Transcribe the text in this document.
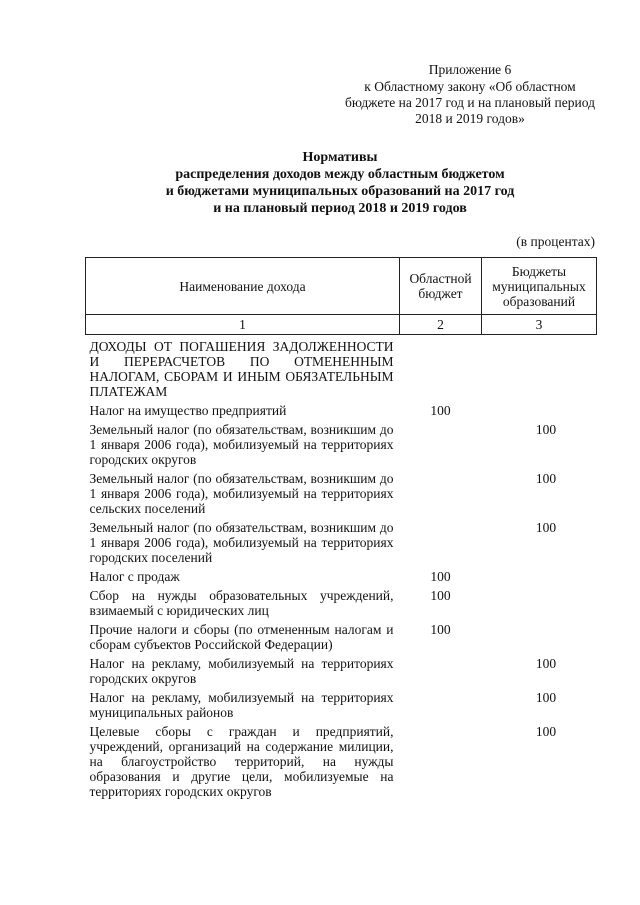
Приложение 6
к Областному закону «Об областном бюджете на 2017 год и на плановый период 2018 и 2019 годов»
Нормативы
распределения доходов между областным бюджетом
и бюджетами муниципальных образований на 2017 год
и на плановый период 2018 и 2019 годов
(в процентах)
Наименование дохода	Областной бюджет	Бюджеты муниципальных образований
1	2	3
ДОХОДЫ ОТ ПОГАШЕНИЯ ЗАДОЛЖЕННОСТИ И ПЕРЕРАСЧЕТОВ ПО ОТМЕНЕННЫМ НАЛОГАМ, СБОРАМ И ИНЫМ ОБЯЗАТЕЛЬНЫМ ПЛАТЕЖАМ		
Налог на имущество предприятий	100	
Земельный налог (по обязательствам, возникшим до 1 января 2006 года), мобилизуемый на территориях городских округов		100
Земельный налог (по обязательствам, возникшим до 1 января 2006 года), мобилизуемый на территориях сельских поселений		100
Земельный налог (по обязательствам, возникшим до 1 января 2006 года), мобилизуемый на территориях городских поселений		100
Налог с продаж	100	
Сбор на нужды образовательных учреждений, взимаемый с юридических лиц	100	
Прочие налоги и сборы (по отмененным налогам и сборам субъектов Российской Федерации)	100	
Налог на рекламу, мобилизуемый на территориях городских округов		100
Налог на рекламу, мобилизуемый на территориях муниципальных районов		100
Целевые сборы с граждан и предприятий, учреждений, организаций на содержание милиции, на благоустройство территорий, на нужды образования и другие цели, мобилизуемые на территориях городских округов		100
